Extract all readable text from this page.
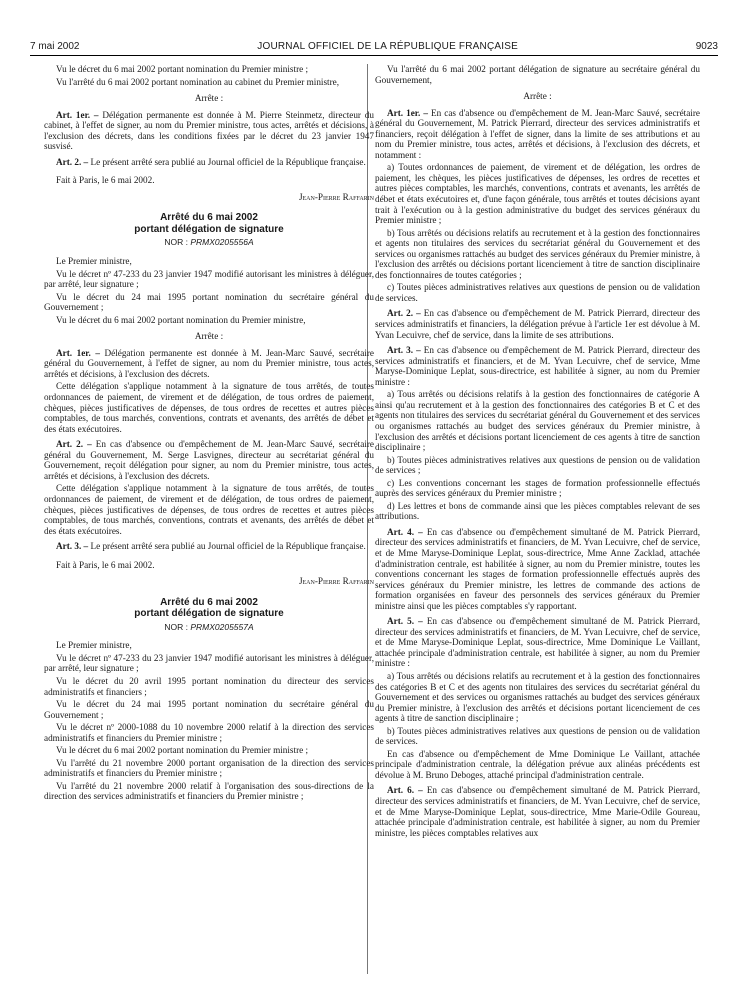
7 mai 2002	JOURNAL OFFICIEL DE LA RÉPUBLIQUE FRANÇAISE	9023

Vu le décret du 6 mai 2002 portant nomination du Premier ministre ;

Vu l'arrêté du 6 mai 2002 portant nomination au cabinet du Premier ministre,

Arrête :

Art. 1er. – Délégation permanente est donnée à M. Pierre Steinmetz, directeur du cabinet, à l'effet de signer, au nom du Premier ministre, tous actes, arrêtés et décisions, à l'exclusion des décrets, dans les conditions fixées par le décret du 23 janvier 1947 susvisé.

Art. 2. – Le présent arrêté sera publié au Journal officiel de la République française.

Fait à Paris, le 6 mai 2002.

Jean-Pierre Raffarin

Arrêté du 6 mai 2002
portant délégation de signature
NOR : PRMX0205556A

Le Premier ministre,

Vu le décret nº 47-233 du 23 janvier 1947 modifié autorisant les ministres à déléguer, par arrêté, leur signature ;

Vu le décret du 24 mai 1995 portant nomination du secrétaire général du Gouvernement ;

Vu le décret du 6 mai 2002 portant nomination du Premier ministre,

Arrête :

Art. 1er. – Délégation permanente est donnée à M. Jean-Marc Sauvé, secrétaire général du Gouvernement, à l'effet de signer, au nom du Premier ministre, tous actes, arrêtés et décisions, à l'exclusion des décrets.

Cette délégation s'applique notamment à la signature de tous arrêtés, de toutes ordonnances de paiement, de virement et de délégation, de tous ordres de paiement, chèques, pièces justificatives de dépenses, de tous ordres de recettes et autres pièces comptables, de tous marchés, conventions, contrats et avenants, des arrêtés de débet et des états exécutoires.

Art. 2. – En cas d'absence ou d'empêchement de M. Jean-Marc Sauvé, secrétaire général du Gouvernement, M. Serge Lasvignes, directeur au secrétariat général du Gouvernement, reçoit délégation pour signer, au nom du Premier ministre, tous actes, arrêtés et décisions, à l'exclusion des décrets.

Cette délégation s'applique notamment à la signature de tous arrêtés, de toutes ordonnances de paiement, de virement et de délégation, de tous ordres de paiement, chèques, pièces justificatives de dépenses, de tous ordres de recettes et autres pièces comptables, de tous marchés, conventions, contrats et avenants, des arrêtés de débet et des états exécutoires.

Art. 3. – Le présent arrêté sera publié au Journal officiel de la République française.

Fait à Paris, le 6 mai 2002.

Jean-Pierre Raffarin

Arrêté du 6 mai 2002
portant délégation de signature
NOR : PRMX0205557A

Le Premier ministre,

Vu le décret nº 47-233 du 23 janvier 1947 modifié autorisant les ministres à déléguer, par arrêté, leur signature ;

Vu le décret du 20 avril 1995 portant nomination du directeur des services administratifs et financiers ;

Vu le décret du 24 mai 1995 portant nomination du secrétaire général du Gouvernement ;

Vu le décret nº 2000-1088 du 10 novembre 2000 relatif à la direction des services administratifs et financiers du Premier ministre ;

Vu le décret du 6 mai 2002 portant nomination du Premier ministre ;

Vu l'arrêté du 21 novembre 2000 portant organisation de la direction des services administratifs et financiers du Premier ministre ;

Vu l'arrêté du 21 novembre 2000 relatif à l'organisation des sous-directions de la direction des services administratifs et financiers du Premier ministre ;

Vu l'arrêté du 6 mai 2002 portant délégation de signature au secrétaire général du Gouvernement,

Arrête :

Art. 1er. – En cas d'absence ou d'empêchement de M. Jean-Marc Sauvé, secrétaire général du Gouvernement, M. Patrick Pierrard, directeur des services administratifs et financiers, reçoit délégation à l'effet de signer, dans la limite de ses attributions et au nom du Premier ministre, tous actes, arrêtés et décisions, à l'exclusion des décrets, et notamment :

a) Toutes ordonnances de paiement, de virement et de délégation, les ordres de paiement, les chèques, les pièces justificatives de dépenses, les ordres de recettes et autres pièces comptables, les marchés, conventions, contrats et avenants, les arrêtés de débet et états exécutoires et, d'une façon générale, tous arrêtés et toutes décisions ayant trait à l'exécution ou à la gestion administrative du budget des services généraux du Premier ministre ;

b) Tous arrêtés ou décisions relatifs au recrutement et à la gestion des fonctionnaires et agents non titulaires des services du secrétariat général du Gouvernement et des services ou organismes rattachés au budget des services généraux du Premier ministre, à l'exclusion des arrêtés ou décisions portant licenciement à titre de sanction disciplinaire des fonctionnaires de toutes catégories ;

c) Toutes pièces administratives relatives aux questions de pension ou de validation de services.

Art. 2. – En cas d'absence ou d'empêchement de M. Patrick Pierrard, directeur des services administratifs et financiers, la délégation prévue à l'article 1er est dévolue à M. Yvan Lecuivre, chef de service, dans la limite de ses attributions.

Art. 3. – En cas d'absence ou d'empêchement de M. Patrick Pierrard, directeur des services administratifs et financiers, et de M. Yvan Lecuivre, chef de service, Mme Maryse-Dominique Leplat, sous-directrice, est habilitée à signer, au nom du Premier ministre :

a) Tous arrêtés ou décisions relatifs à la gestion des fonctionnaires de catégorie A ainsi qu'au recrutement et à la gestion des fonctionnaires des catégories B et C et des agents non titulaires des services du secrétariat général du Gouvernement et des services ou organismes rattachés au budget des services généraux du Premier ministre, à l'exclusion des arrêtés et décisions portant licenciement de ces agents à titre de sanction disciplinaire ;

b) Toutes pièces administratives relatives aux questions de pension ou de validation de services ;

c) Les conventions concernant les stages de formation professionnelle effectués auprès des services généraux du Premier ministre ;

d) Les lettres et bons de commande ainsi que les pièces comptables relevant de ses attributions.

Art. 4. – En cas d'absence ou d'empêchement simultané de M. Patrick Pierrard, directeur des services administratifs et financiers, de M. Yvan Lecuivre, chef de service, et de Mme Maryse-Dominique Leplat, sous-directrice, Mme Anne Zacklad, attachée d'administration centrale, est habilitée à signer, au nom du Premier ministre, toutes les conventions concernant les stages de formation professionnelle effectués auprès des services généraux du Premier ministre, les lettres de commande des actions de formation organisées en faveur des personnels des services généraux du Premier ministre ainsi que les pièces comptables s'y rapportant.

Art. 5. – En cas d'absence ou d'empêchement simultané de M. Patrick Pierrard, directeur des services administratifs et financiers, de M. Yvan Lecuivre, chef de service, et de Mme Maryse-Dominique Leplat, sous-directrice, Mme Dominique Le Vaillant, attachée principale d'administration centrale, est habilitée à signer, au nom du Premier ministre :

a) Tous arrêtés ou décisions relatifs au recrutement et à la gestion des fonctionnaires des catégories B et C et des agents non titulaires des services du secrétariat général du Gouvernement et des services ou organismes rattachés au budget des services généraux du Premier ministre, à l'exclusion des arrêtés et décisions portant licenciement de ces agents à titre de sanction disciplinaire ;

b) Toutes pièces administratives relatives aux questions de pension ou de validation de services.

En cas d'absence ou d'empêchement de Mme Dominique Le Vaillant, attachée principale d'administration centrale, la délégation prévue aux alinéas précédents est dévolue à M. Bruno Deboges, attaché principal d'administration centrale.

Art. 6. – En cas d'absence ou d'empêchement simultané de M. Patrick Pierrard, directeur des services administratifs et financiers, de M. Yvan Lecuivre, chef de service, et de Mme Maryse-Dominique Leplat, sous-directrice, Mme Marie-Odile Goureau, attachée principale d'administration centrale, est habilitée à signer, au nom du Premier ministre, les pièces comptables relatives aux
